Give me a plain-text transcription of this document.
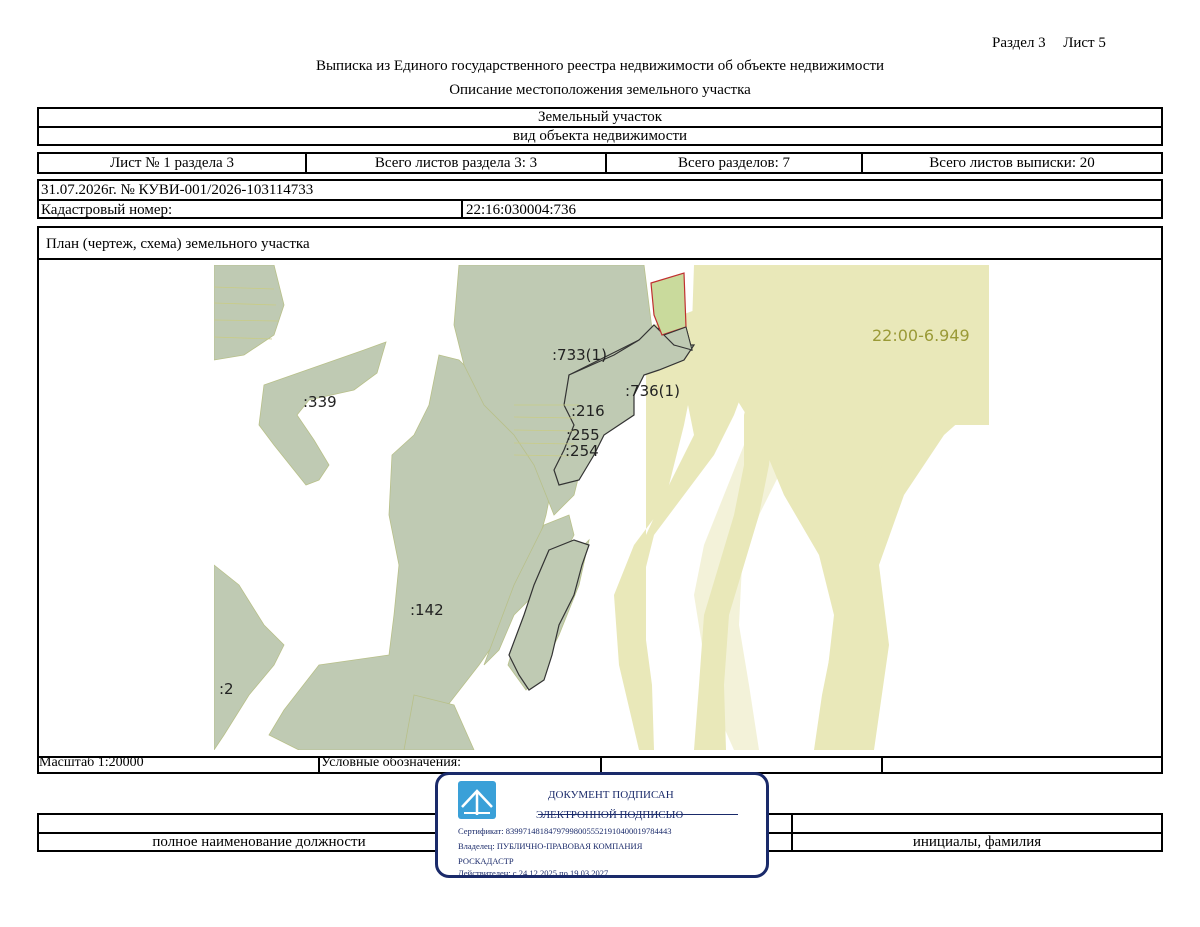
Раздел 3 Лист 5
Выписка из Единого государственного реестра недвижимости об объекте недвижимости
Описание местоположения земельного участка
Земельный участок
вид объекта недвижимости
Лист № 1 раздела 3	Всего листов раздела 3: 3	Всего разделов: 7	Всего листов выписки: 20
31.07.2026г. № КУВИ-001/2026-103114733
Кадастровый номер:	22:16:030004:736
План (чертеж, схема) земельного участка
:339
:733(1)
:736(1)
:216
:255
:254
:142
:2
22:00-6.949
Масштаб 1:20000	Условные обозначения:
полное наименование должности	инициалы, фамилия
ДОКУМЕНТ ПОДПИСАН
ЭЛЕКТРОННОЙ ПОДПИСЬЮ
Сертификат: 839971481847979980055521910400019784443
Владелец: ПУБЛИЧНО-ПРАВОВАЯ КОМПАНИЯ
РОСКАДАСТР
Действителен: с 24.12.2025 по 19.03.2027
